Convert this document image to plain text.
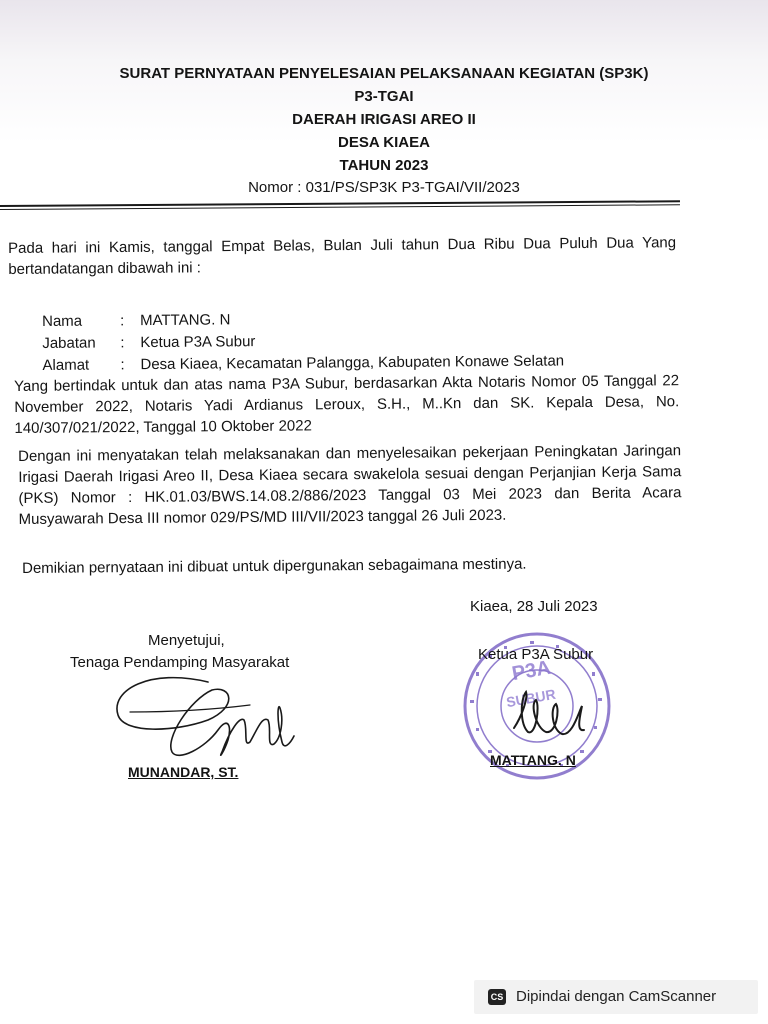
SURAT PERNYATAAN PENYELESAIAN PELAKSANAAN KEGIATAN (SP3K)

P3-TGAI

DAERAH IRIGASI AREO II

DESA KIAEA

TAHUN 2023

Nomor : 031/PS/SP3K P3-TGAI/VII/2023

Pada hari ini Kamis, tanggal Empat Belas, Bulan Juli tahun Dua Ribu Dua Puluh Dua Yang bertandatangan dibawah ini :

Nama	: MATTANG. N
Jabatan : Ketua P3A Subur
Alamat : Desa Kiaea, Kecamatan Palangga, Kabupaten Konawe Selatan

Yang bertindak untuk dan atas nama P3A Subur, berdasarkan Akta Notaris Nomor 05 Tanggal 22 November 2022, Notaris Yadi Ardianus Leroux, S.H., M..Kn dan SK. Kepala Desa, No. 140/307/021/2022, Tanggal 10 Oktober 2022

Dengan ini menyatakan telah melaksanakan dan menyelesaikan pekerjaan Peningkatan Jaringan Irigasi Daerah Irigasi Areo II, Desa Kiaea secara swakelola sesuai dengan Perjanjian Kerja Sama (PKS) Nomor : HK.01.03/BWS.14.08.2/886/2023 Tanggal 03 Mei 2023 dan Berita Acara Musyawarah Desa III nomor 029/PS/MD III/VII/2023 tanggal 26 Juli 2023.

Demikian pernyataan ini dibuat untuk dipergunakan sebagaimana mestinya.

Kiaea, 28 Juli 2023
Menyetujui,
Tenaga Pendamping Masyarakat
MUNANDAR, ST.
P3A
SUBUR
Ketua P3A Subur
MATTANG. N
CS Dipindai dengan CamScanner
